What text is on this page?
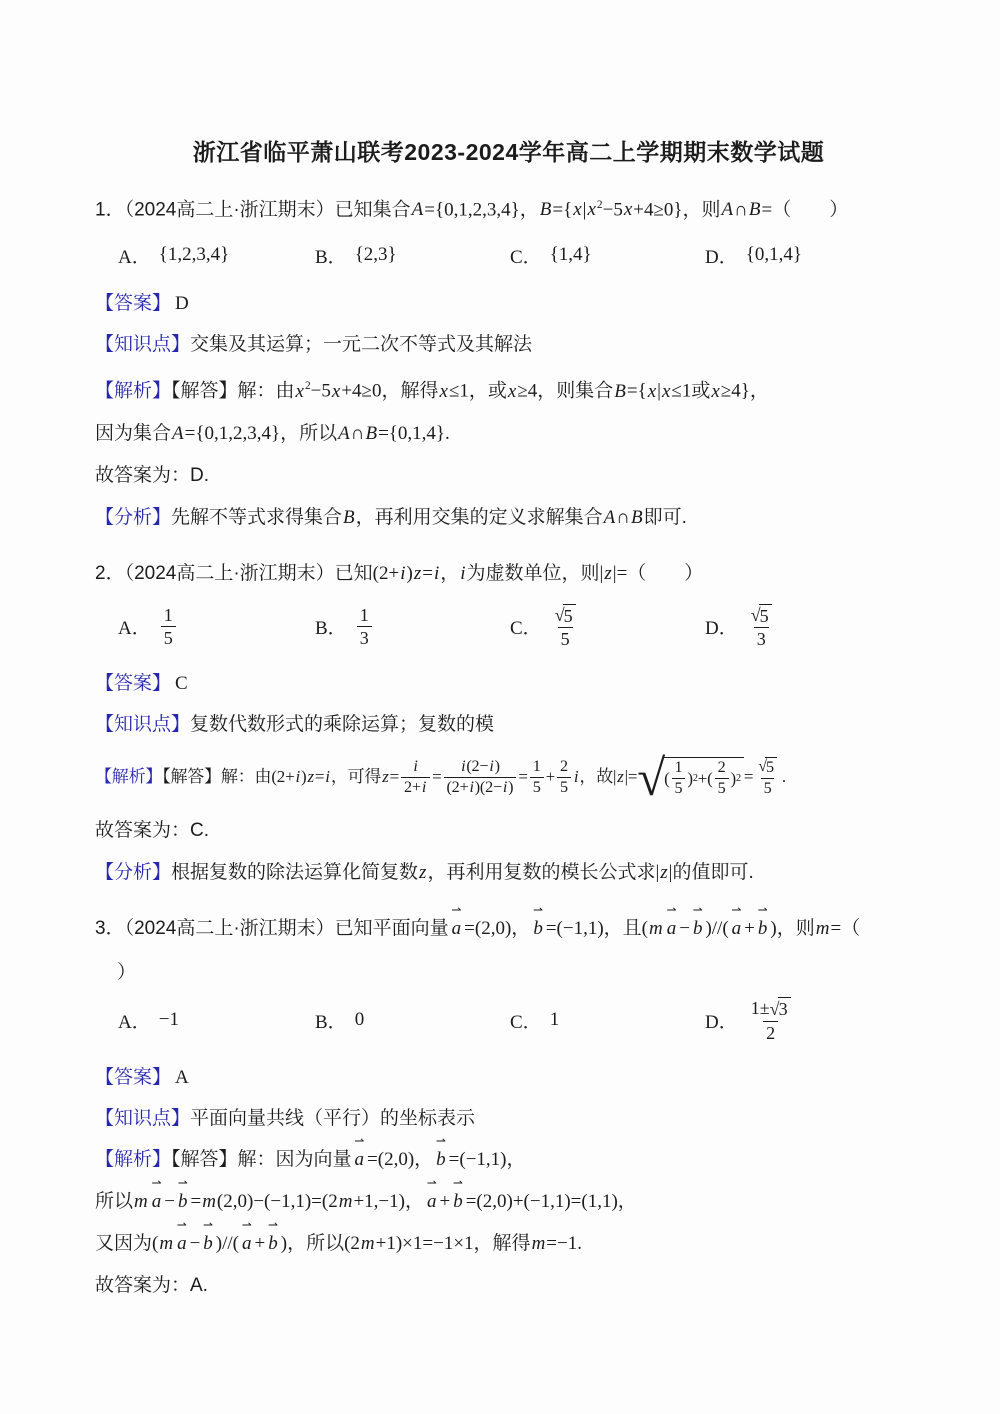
浙江省临平萧山联考2023-2024学年高二上学期期末数学试题

1．（2024高二上·浙江期末）已知集合A={0,1,2,3,4}，$B=\{x|x^2-5x+4\ge 0\}$，则A∩B=（　　）

A． {1,2,3,4}	B． {2,3}	C． {1,4}	D． {0,1,4}

【答案】 D

【知识点】交集及其运算；一元二次不等式及其解法

【解析】【解答】解：由$x^2-5x+4\ge 0$，解得x≤1，或x≥4，则集合B={x|x≤1或x≥4}，

因为集合A={0,1,2,3,4}，所以A∩B={0,1,4}.

故答案为：D.

【分析】先解不等式求得集合B，再利用交集的定义求解集合A∩B即可.

2．（2024高二上·浙江期末）已知(2+i)z=i，i为虚数单位，则|z|=（　　）

A． $\frac{1}{5}$	B． $\frac{1}{3}$	C． $\frac{√ 5}{5}$	D． $\frac{√ 5}{3}$

【答案】 C

【知识点】复数代数形式的乘除运算；复数的模

【解析】【解答】解：由(2+i)z=i，可得$z= \frac{i}{2+i} = \frac{i(2-i)}{(2+i)(2-i)} = \frac{1}{5} + \frac{2}{5}$ i，故|z|= √ ( $\frac{1}{5}$ ) 2 +( $\frac{2}{5}$ ) $2 = \frac{√ 5}{5}$ .

故答案为：C.

【分析】根据复数的除法运算化简复数z，再利用复数的模长公式求|z|的值即可.

3．（2024高二上·浙江期末）已知平面向量 a
⇀
=(2,0)， b
⇀
=(−1,1)，且(m a
⇀
− b
⇀
)//( a
⇀
+ b
⇀
)，则m=（

）

A． −1	B． 0	C． 1	D． $\frac{1\pm √ 3}{2}$

【答案】 A

【知识点】平面向量共线（平行）的坐标表示

【解析】【解答】解：因为向量 a
⇀
=(2,0)， b
⇀
=(−1,1)，

所以m a
⇀
− b
⇀
=m(2,0)−(−1,1)=(2m+1,−1)， a
⇀
+ b
⇀
=(2,0)+(−1,1)=(1,1)，

又因为(m a
⇀
− b
⇀
)//( a
⇀
+ b
⇀
)，所以(2m+1)×1=−1×1，解得m=−1.

故答案为：A.
